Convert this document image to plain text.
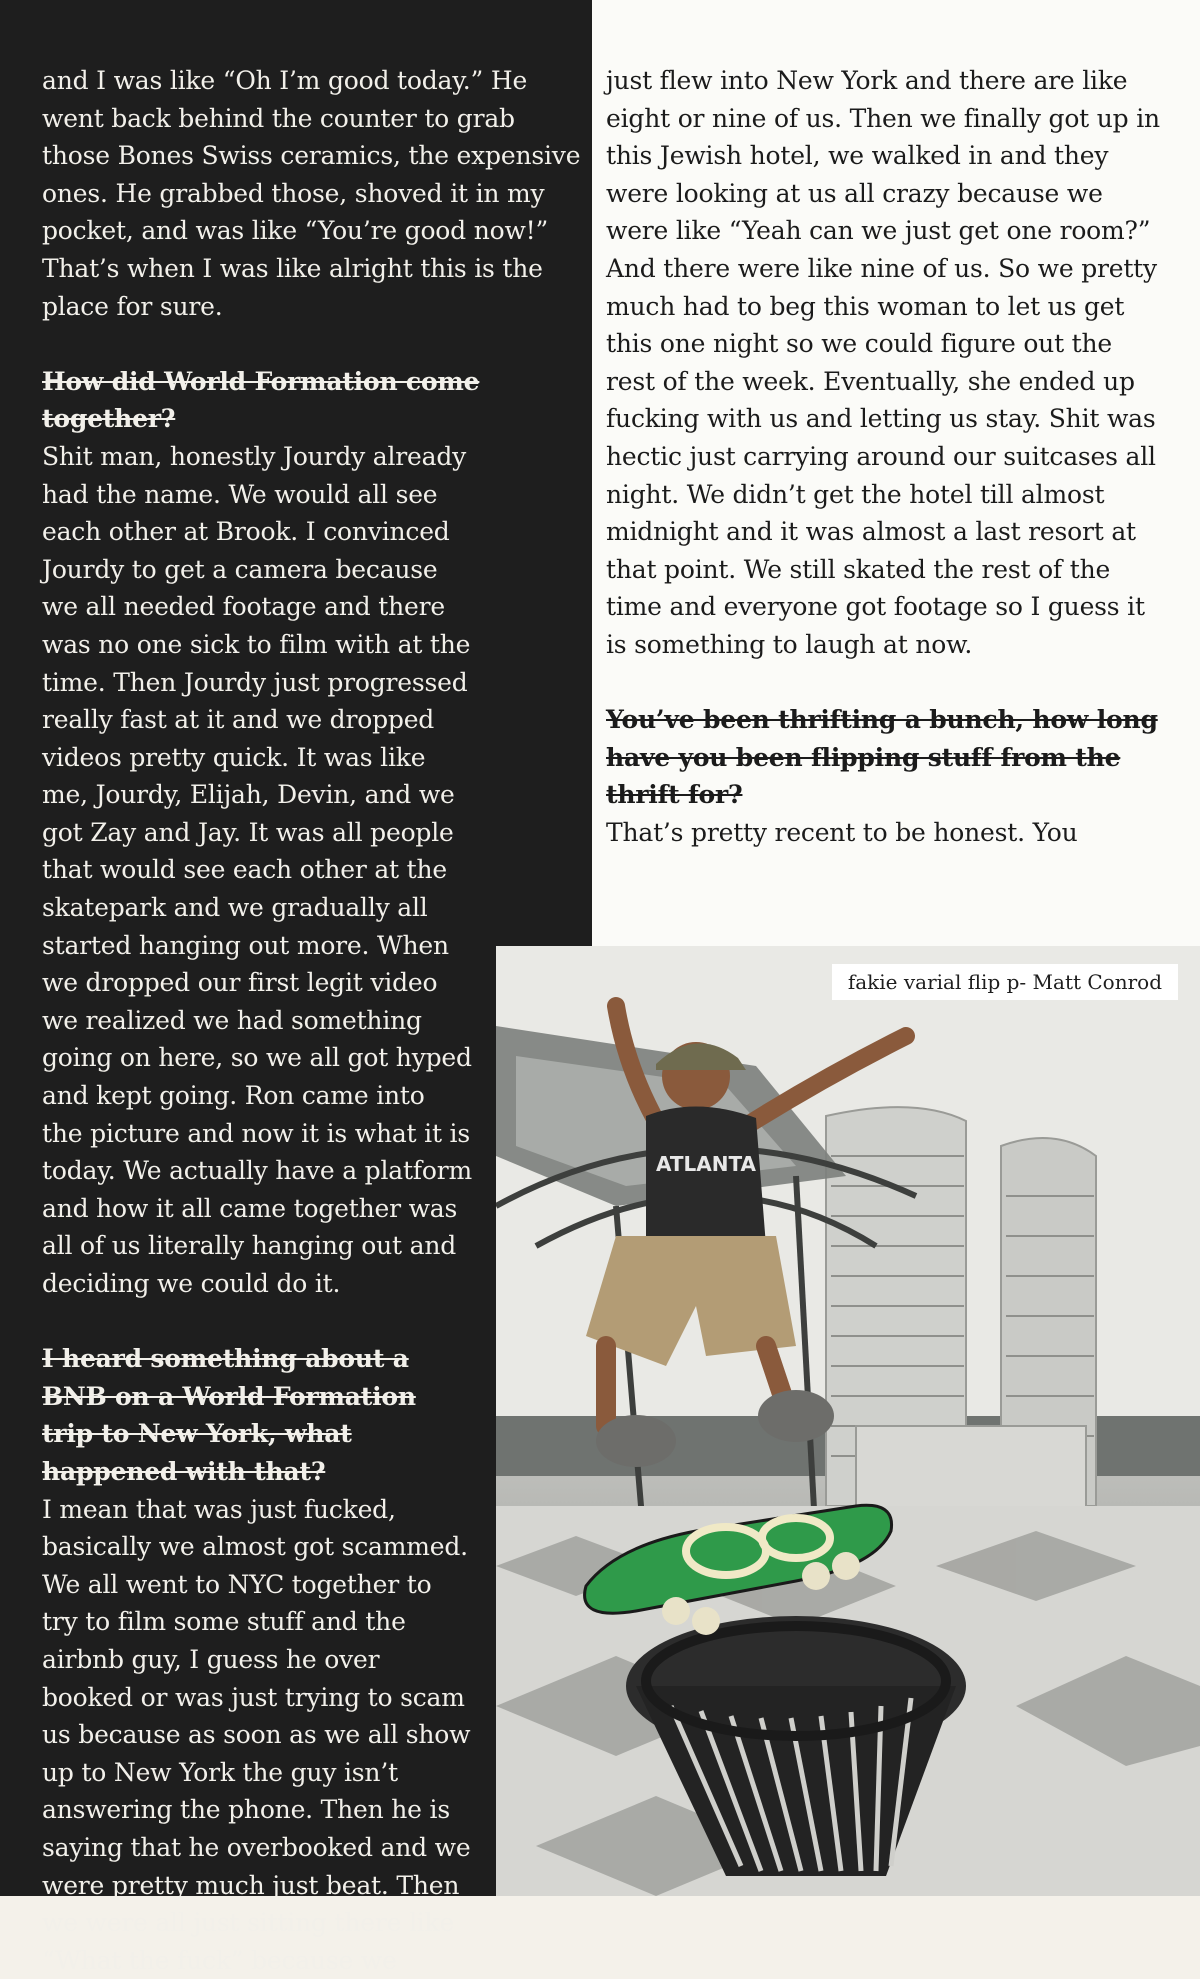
ATLANTA
fakie varial flip p- Matt Conrod

and I was like “Oh I’m good today.” He went back behind the counter to grab those Bones Swiss ceramics, the expensive ones. He grabbed those, shoved it in my pocket, and was like “You’re good now!” That’s when I was like alright this is the place for sure.

How did World Formation come together?

Shit man, honestly Jourdy already had the name. We would all see each other at Brook. I convinced Jourdy to get a camera because we all needed footage and there was no one sick to film with at the time. Then Jourdy just progressed really fast at it and we dropped videos pretty quick. It was like me, Jourdy, Elijah, Devin, and we got Zay and Jay. It was all people that would see each other at the skatepark and we gradually all started hanging out more. When we dropped our first legit video we realized we had something going on here, so we all got hyped and kept going. Ron came into the picture and now it is what it is today. We actually have a platform and how it all came together was all of us literally hanging out and deciding we could do it.

I heard something about a BNB on a World Formation trip to New York, what happened with that?

I mean that was just fucked, basically we almost got scammed. We all went to NYC together to try to film some stuff and the airbnb guy, I guess he over booked or was just trying to scam us because as soon as we all show up to New York the guy isn’t answering the phone. Then he is saying that he overbooked and we were pretty much just beat. Then we were all just sitting there like “What the fuck” because we

just flew into New York and there are like eight or nine of us. Then we finally got up in this Jewish hotel, we walked in and they were looking at us all crazy because we were like “Yeah can we just get one room?” And there were like nine of us. So we pretty much had to beg this woman to let us get this one night so we could figure out the rest of the week. Eventually, she ended up fucking with us and letting us stay. Shit was hectic just carrying around our suitcases all night. We didn’t get the hotel till almost midnight and it was almost a last resort at that point. We still skated the rest of the time and everyone got footage so I guess it is something to laugh at now.

You’ve been thrifting a bunch, how long have you been flipping stuff from the thrift for?

That’s pretty recent to be honest. You
